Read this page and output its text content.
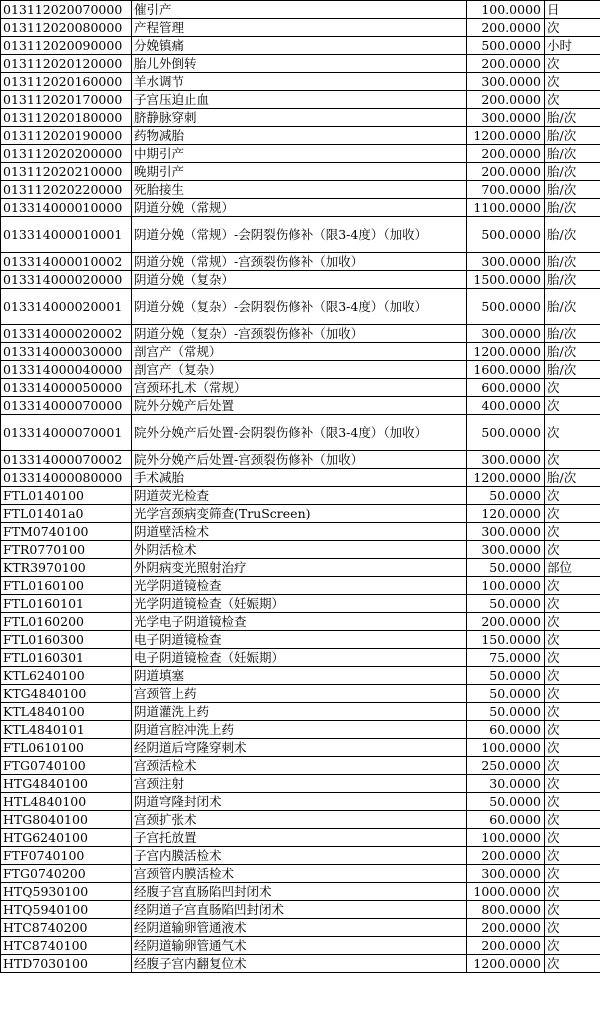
013112020070000	催引产	100.0000	日
013112020080000	产程管理	200.0000	次
013112020090000	分娩镇痛	500.0000	小时
013112020120000	胎儿外倒转	200.0000	次
013112020160000	羊水调节	300.0000	次
013112020170000	子宫压迫止血	200.0000	次
013112020180000	脐静脉穿刺	300.0000	胎/次
013112020190000	药物减胎	1200.0000	胎/次
013112020200000	中期引产	200.0000	胎/次
013112020210000	晚期引产	200.0000	胎/次
013112020220000	死胎接生	700.0000	胎/次
013314000010000	阴道分娩（常规）	1100.0000	胎/次
013314000010001	阴道分娩（常规）-会阴裂伤修补（限3-4度）（加收）	500.0000	胎/次
013314000010002	阴道分娩（常规）-宫颈裂伤修补（加收）	300.0000	胎/次
013314000020000	阴道分娩（复杂）	1500.0000	胎/次
013314000020001	阴道分娩（复杂）-会阴裂伤修补（限3-4度）（加收）	500.0000	胎/次
013314000020002	阴道分娩（复杂）-宫颈裂伤修补（加收）	300.0000	胎/次
013314000030000	剖宫产（常规）	1200.0000	胎/次
013314000040000	剖宫产（复杂）	1600.0000	胎/次
013314000050000	宫颈环扎术（常规）	600.0000	次
013314000070000	院外分娩产后处置	400.0000	次
013314000070001	院外分娩产后处置-会阴裂伤修补（限3-4度）（加收）	500.0000	次
013314000070002	院外分娩产后处置-宫颈裂伤修补（加收）	300.0000	次
013314000080000	手术减胎	1200.0000	胎/次
FTL0140100	阴道荧光检查	50.0000	次
FTL01401a0	光学宫颈病变筛查(TruScreen)	120.0000	次
FTM0740100	阴道壁活检术	300.0000	次
FTR0770100	外阴活检术	300.0000	次
KTR3970100	外阴病变光照射治疗	50.0000	部位
FTL0160100	光学阴道镜检查	100.0000	次
FTL0160101	光学阴道镜检查（妊娠期）	50.0000	次
FTL0160200	光学电子阴道镜检查	200.0000	次
FTL0160300	电子阴道镜检查	150.0000	次
FTL0160301	电子阴道镜检查（妊娠期）	75.0000	次
KTL6240100	阴道填塞	50.0000	次
KTG4840100	宫颈管上药	50.0000	次
KTL4840100	阴道灌洗上药	50.0000	次
KTL4840101	阴道宫腔冲洗上药	60.0000	次
FTL0610100	经阴道后穹隆穿刺术	100.0000	次
FTG0740100	宫颈活检术	250.0000	次
HTG4840100	宫颈注射	30.0000	次
HTL4840100	阴道穹隆封闭术	50.0000	次
HTG8040100	宫颈扩张术	60.0000	次
HTG6240100	子宫托放置	100.0000	次
FTF0740100	子宫内膜活检术	200.0000	次
FTG0740200	宫颈管内膜活检术	300.0000	次
HTQ5930100	经腹子宫直肠陷凹封闭术	1000.0000	次
HTQ5940100	经阴道子宫直肠陷凹封闭术	800.0000	次
HTC8740200	经阴道输卵管通液术	200.0000	次
HTC8740100	经阴道输卵管通气术	200.0000	次
HTD7030100	经腹子宫内翻复位术	1200.0000	次
